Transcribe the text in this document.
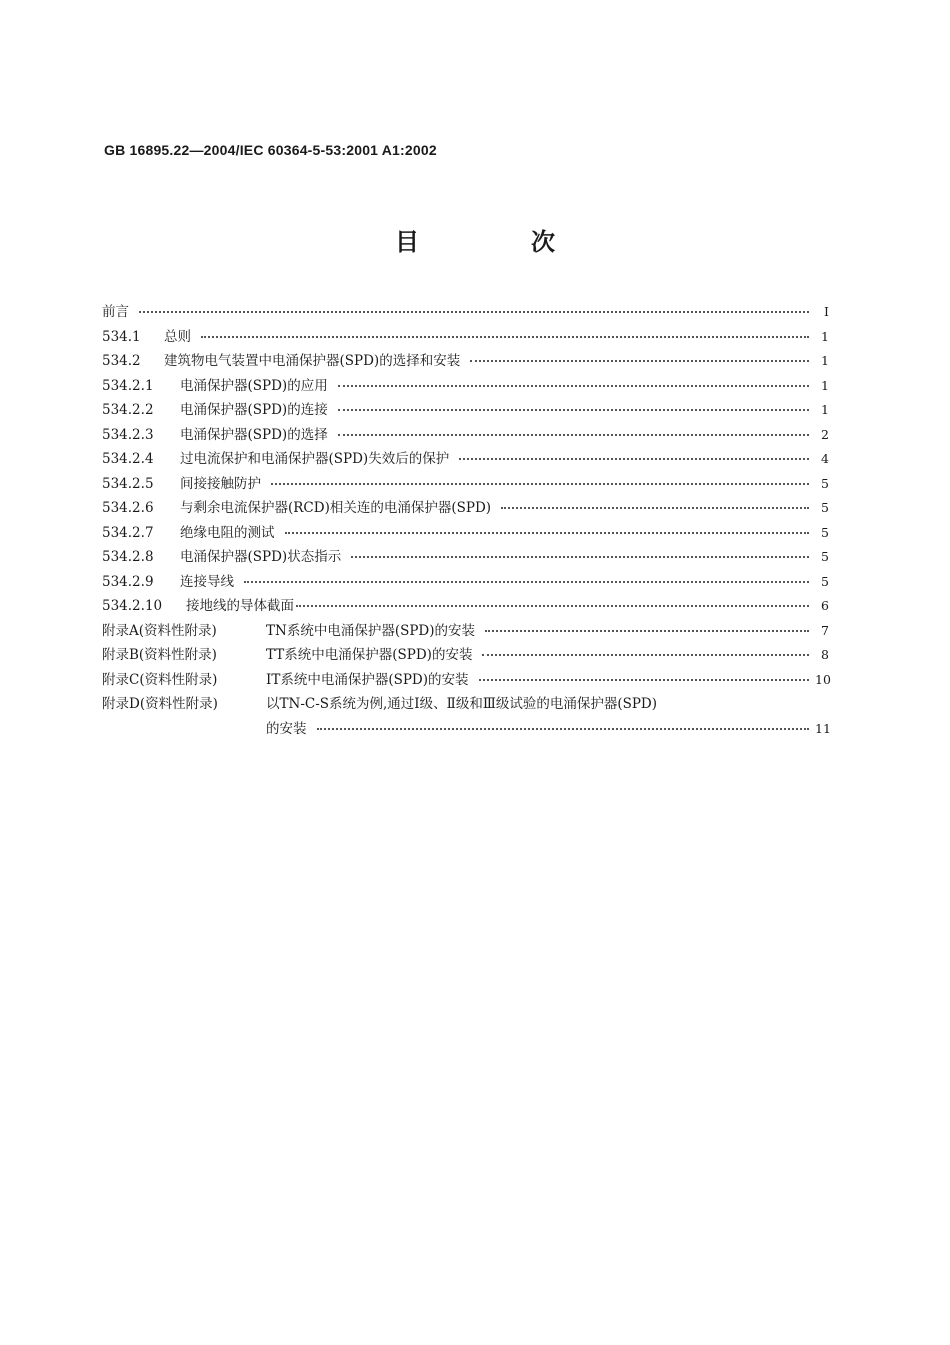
GB 16895.22—2004/IEC 60364-5-53:2001 A1:2002
目　次
前言	Ⅰ
534.1	总则	1
534.2	建筑物电气装置中电涌保护器(SPD)的选择和安装	1
534.2.1	电涌保护器(SPD)的应用	1
534.2.2	电涌保护器(SPD)的连接	1
534.2.3	电涌保护器(SPD)的选择	2
534.2.4	过电流保护和电涌保护器(SPD)失效后的保护	4
534.2.5	间接接触防护	5
534.2.6	与剩余电流保护器(RCD)相关连的电涌保护器(SPD)	5
534.2.7	绝缘电阻的测试	5
534.2.8	电涌保护器(SPD)状态指示	5
534.2.9	连接导线	5
534.2.10	接地线的导体截面	6
附录A(资料性附录)	TN系统中电涌保护器(SPD)的安装	7
附录B(资料性附录)	TT系统中电涌保护器(SPD)的安装	8
附录C(资料性附录)	IT系统中电涌保护器(SPD)的安装	10
附录D(资料性附录)	以TN-C-S系统为例,通过Ⅰ级、Ⅱ级和Ⅲ级试验的电涌保护器(SPD)
的安装	11
